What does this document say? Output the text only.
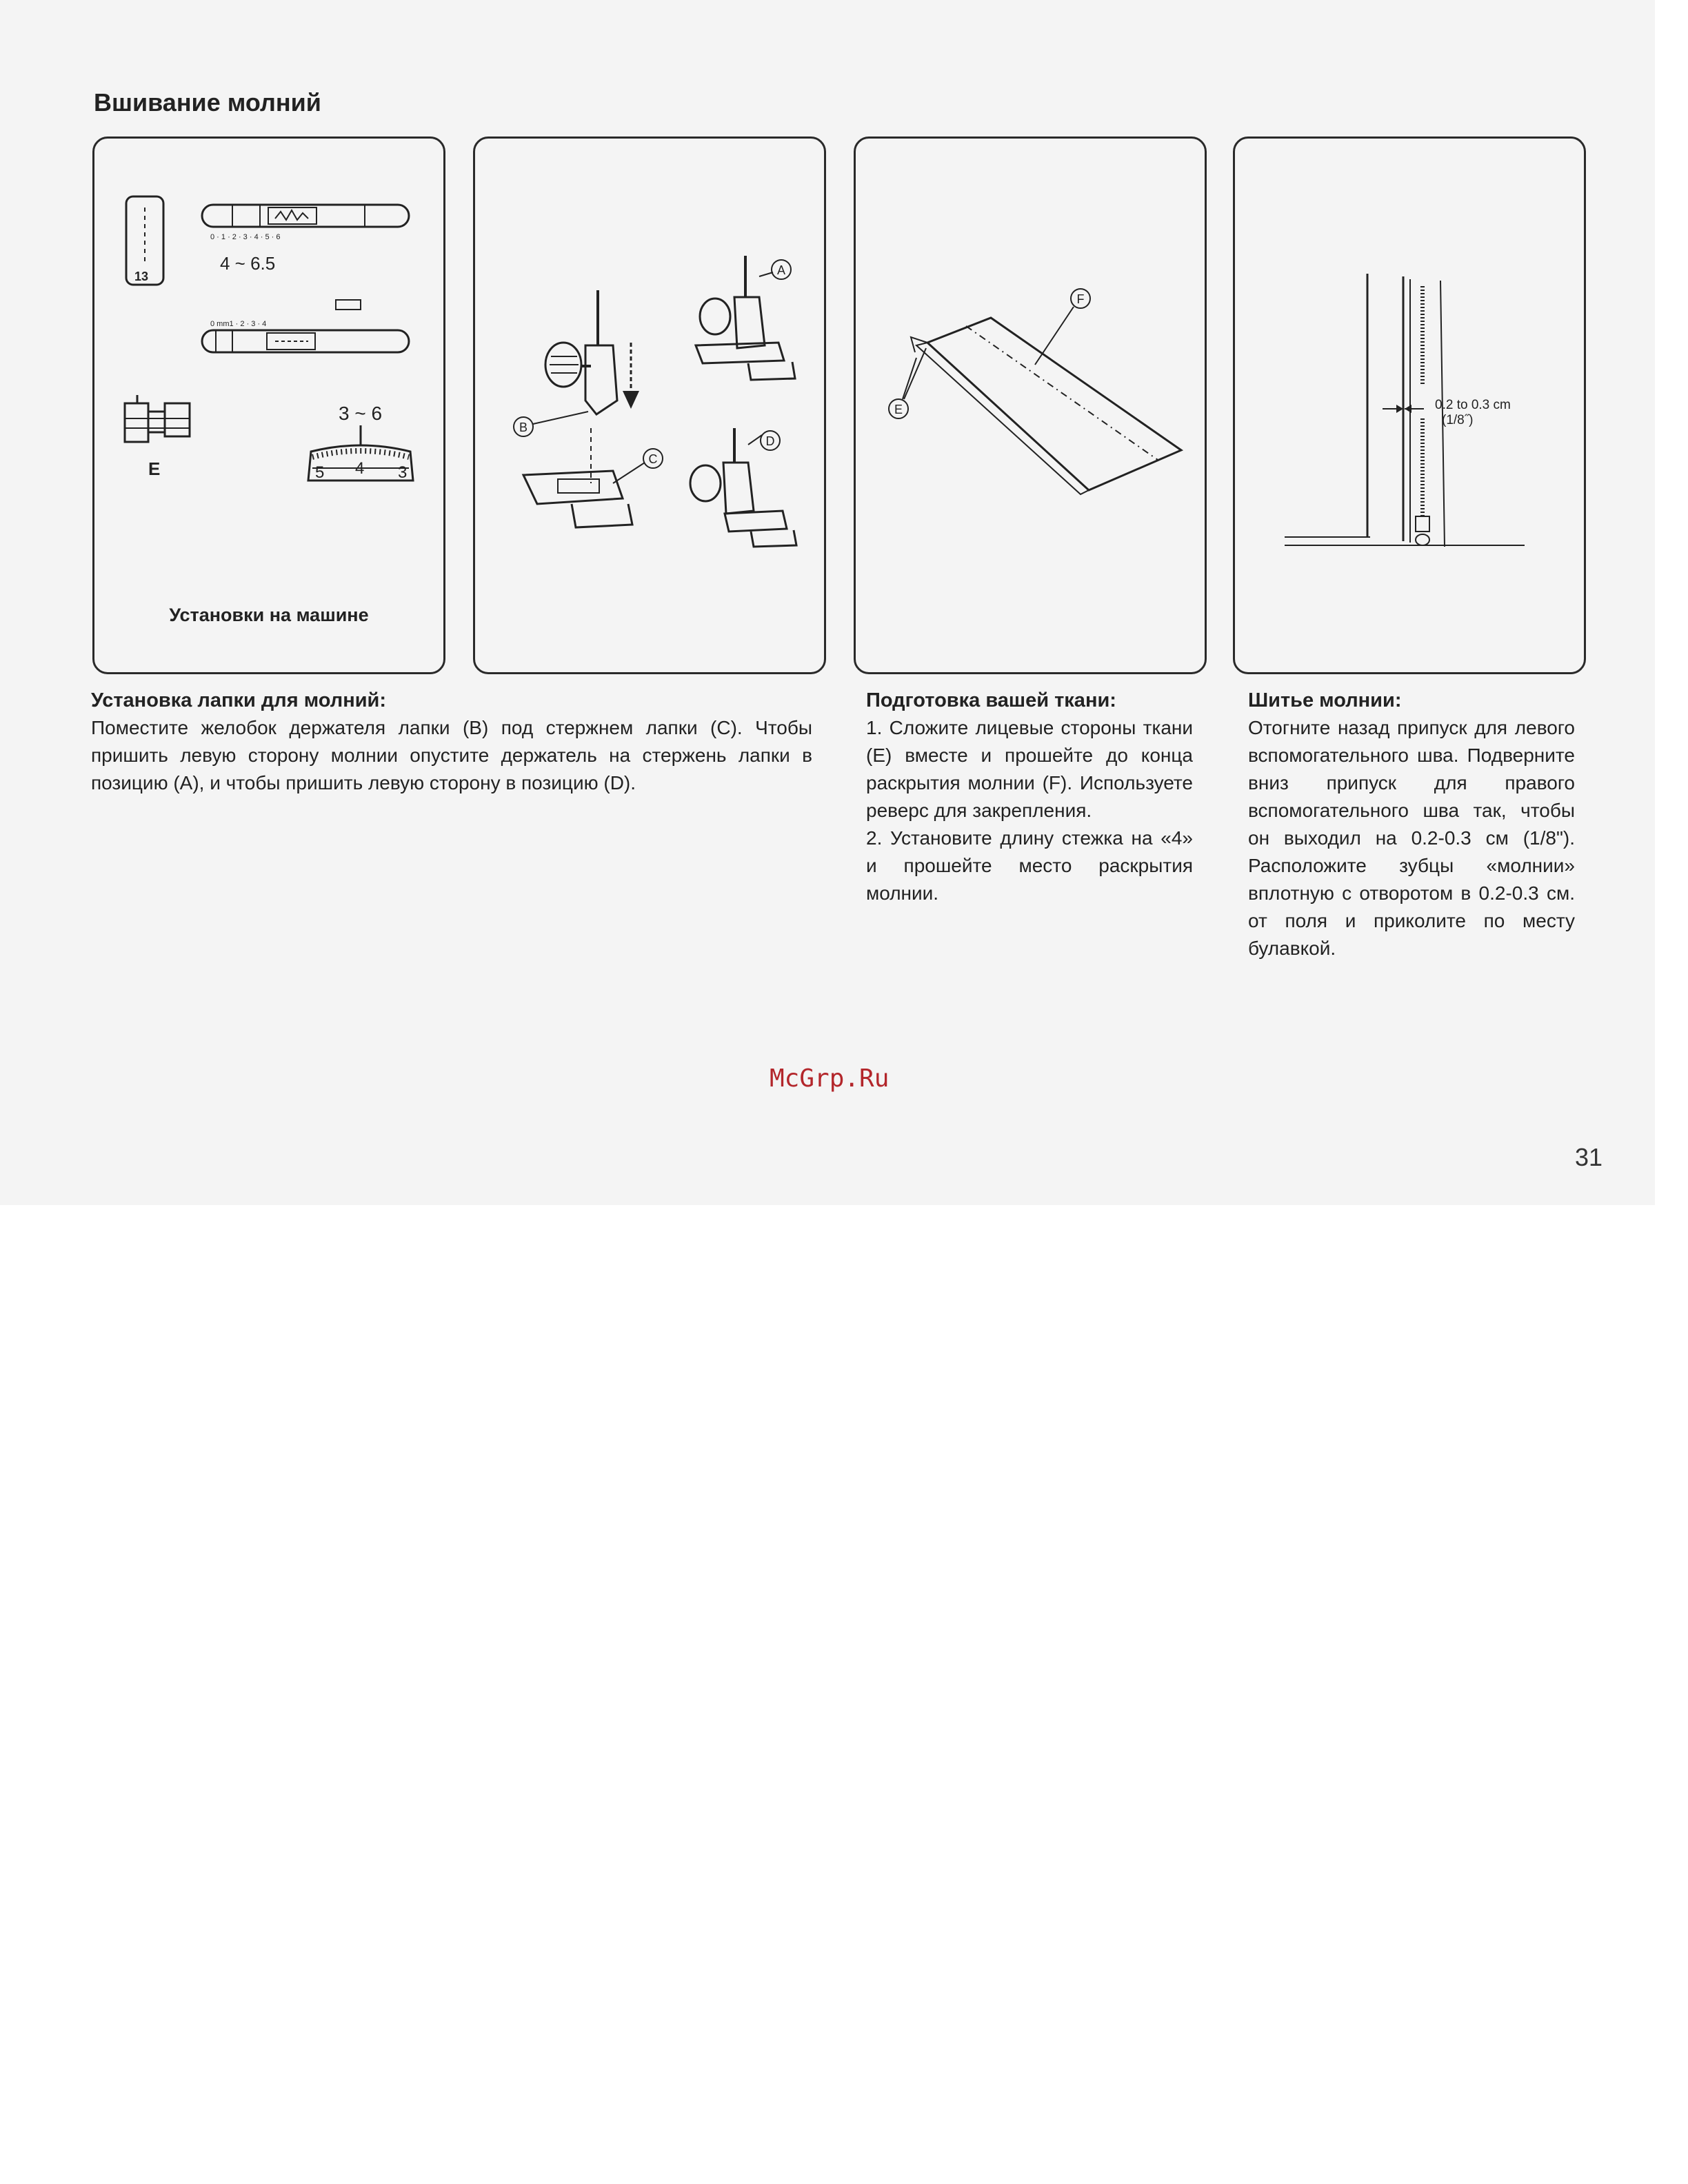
Вшивание молний
13
0 · 1 · 2 · 3 · 4 · 5 · 6
4 ~ 6.5
0 mm1 · 2 · 3 · 4
E
3 ~ 6
5 4 3
Установки на машине
A
B
C
D
E
F
0.2 to 0.3 cm
(1/8˝)
Установка лапки для молний:

Поместите желобок держателя лапки (B) под стержнем лапки (C). Чтобы пришить левую сторону молнии опустите держатель на стержень лапки в позицию (A), и чтобы пришить левую сторону в позицию (D).

Подготовка вашей ткани:

1. Сложите лицевые стороны ткани (E) вместе и прошейте до конца раскрытия молнии (F). Используете реверс для закрепления.

2. Установите длину стежка на «4» и прошейте место раскрытия молнии.

Шитье молнии:

Отогните назад припуск для левого вспомогательного шва. Подверните вниз припуск для правого вспомогательного шва так, чтобы он выходил на 0.2-0.3 см (1/8"). Расположите зубцы «молнии» вплотную с отворотом в 0.2-0.3 см. от поля и приколите по месту булавкой.

McGrp.Ru
31
